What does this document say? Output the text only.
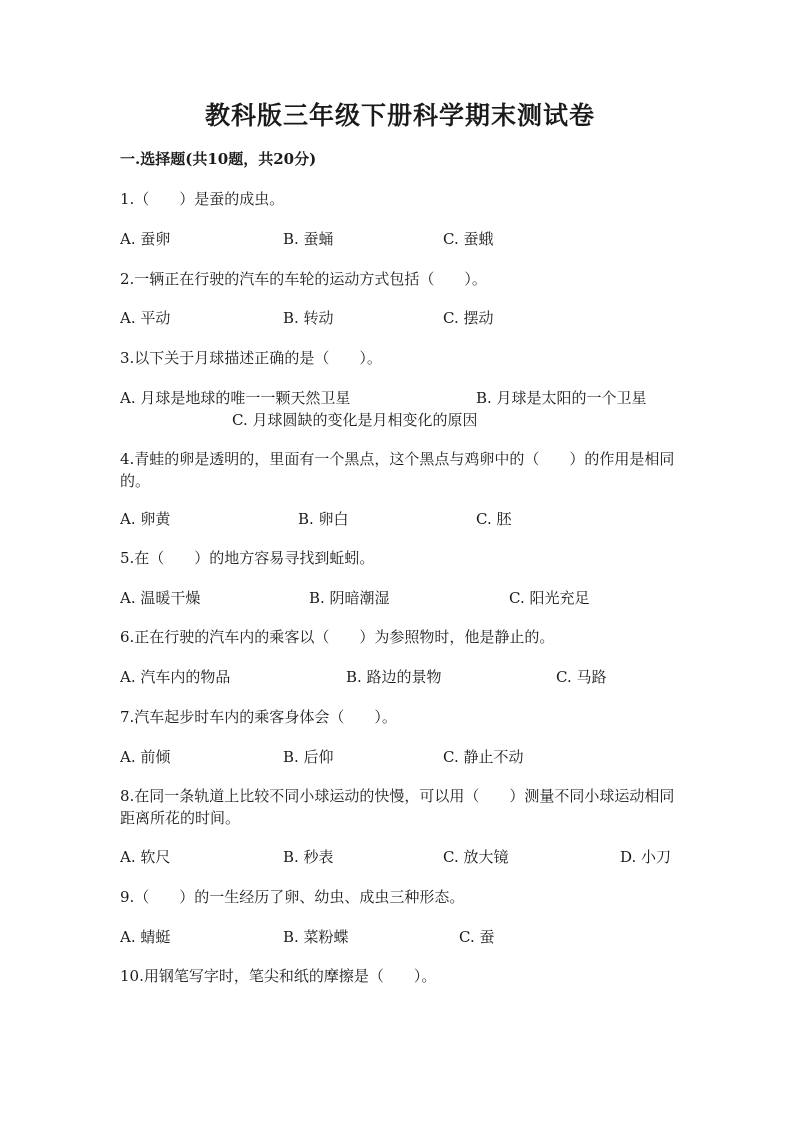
教科版三年级下册科学期末测试卷
一.选择题(共10题，共20分)
1.（　　）是蚕的成虫。
A. 蚕卵	B. 蚕蛹	C. 蚕蛾
2.一辆正在行驶的汽车的车轮的运动方式包括（　　）。
A. 平动	B. 转动	C. 摆动
3.以下关于月球描述正确的是（　　）。
A. 月球是地球的唯一一颗天然卫星	B. 月球是太阳的一个卫星
C. 月球圆缺的变化是月相变化的原因
4.青蛙的卵是透明的，里面有一个黑点，这个黑点与鸡卵中的（　　）的作用是相同的。
A. 卵黄	B. 卵白	C. 胚
5.在（　　）的地方容易寻找到蚯蚓。
A. 温暖干燥	B. 阴暗潮湿	C. 阳光充足
6.正在行驶的汽车内的乘客以（　　）为参照物时，他是静止的。
A. 汽车内的物品	B. 路边的景物	C. 马路
7.汽车起步时车内的乘客身体会（　　）。
A. 前倾	B. 后仰	C. 静止不动
8.在同一条轨道上比较不同小球运动的快慢，可以用（　　）测量不同小球运动相同距离所花的时间。
A. 软尺	B. 秒表	C. 放大镜	D. 小刀
9.（　　）的一生经历了卵、幼虫、成虫三种形态。
A. 蜻蜓	B. 菜粉蝶	C. 蚕
10.用钢笔写字时，笔尖和纸的摩擦是（　　）。
